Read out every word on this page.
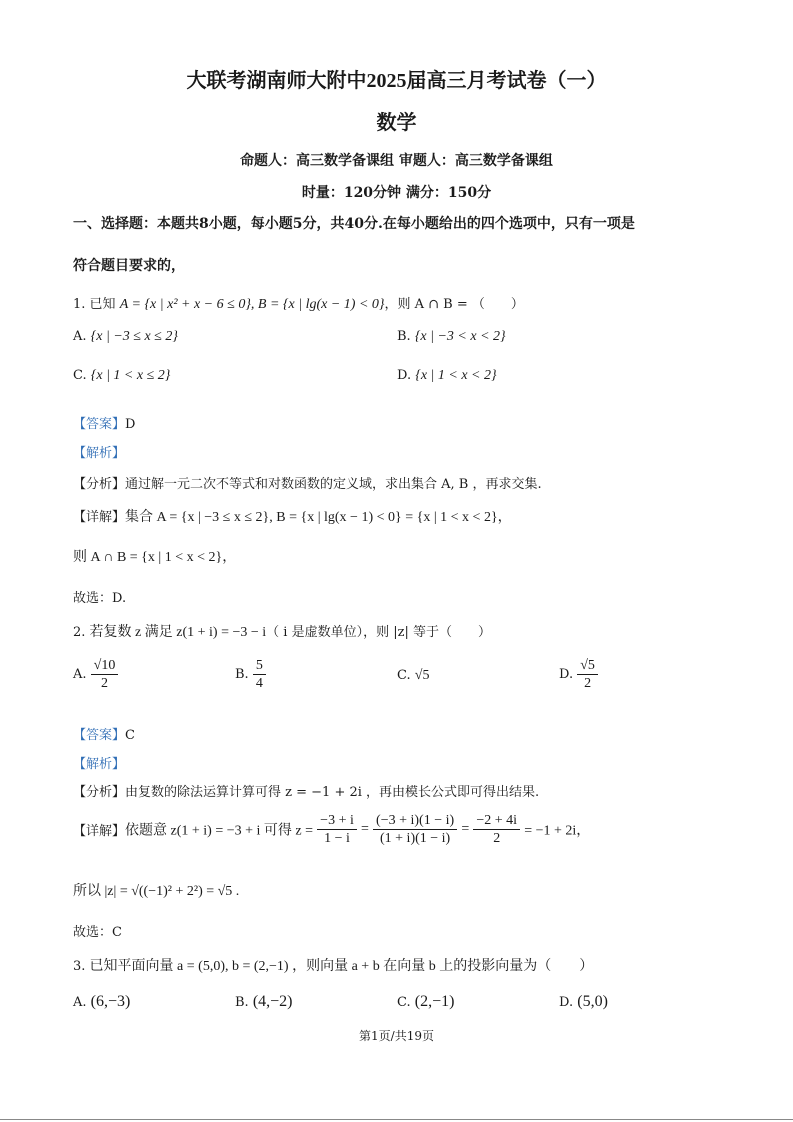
大联考湖南师大附中2025届高三月考试卷（一）
数学
命题人：高三数学备课组 审题人：高三数学备课组
时量：120分钟 满分：150分
一、选择题：本题共8小题，每小题5分，共40分.在每小题给出的四个选项中，只有一项是
符合题目要求的，
1. 已知 A = {x | x² + x − 6 ≤ 0}, B = {x | lg(x − 1) < 0}，则 A ∩ B = （　　）
A. {x | −3 ≤ x ≤ 2}	B. {x | −3 < x < 2}
C. {x | 1 < x ≤ 2}	D. {x | 1 < x < 2}
【答案】D
【解析】
【分析】通过解一元二次不等式和对数函数的定义域，求出集合 A, B ，再求交集.
【详解】集合 A = {x | −3 ≤ x ≤ 2}, B = {x | lg(x − 1) < 0} = {x | 1 < x < 2}，
则 A ∩ B = {x | 1 < x < 2}，
故选：D.
2. 若复数 z 满足 z(1 + i) = −3 − i（ i 是虚数单位），则 |z| 等于（　　）
A. $\frac{√10}{2}$	B. $\frac{5}{4}$	C. √5	D. $\frac{√5}{2}$
【答案】C
【解析】
【分析】由复数的除法运算计算可得 z = −1 + 2i ，再由模长公式即可得出结果.
【详解】依题意 z(1 + i) = −3 + i 可得 $z = \frac{-3 + i}{1 - i} = \frac{(-3 + i)(1 - i)}{(1 + i)(1 - i)} = \frac{-2 + 4i}{2} = -1 + 2i$，
所以 |z| = √((−1)² + 2²) = √5 .
故选：C
3. 已知平面向量 a = (5,0), b = (2,−1) ，则向量 a + b 在向量 b 上的投影向量为（　　）
A. (6,−3)	B. (4,−2)	C. (2,−1)	D. (5,0)
第1页/共19页
